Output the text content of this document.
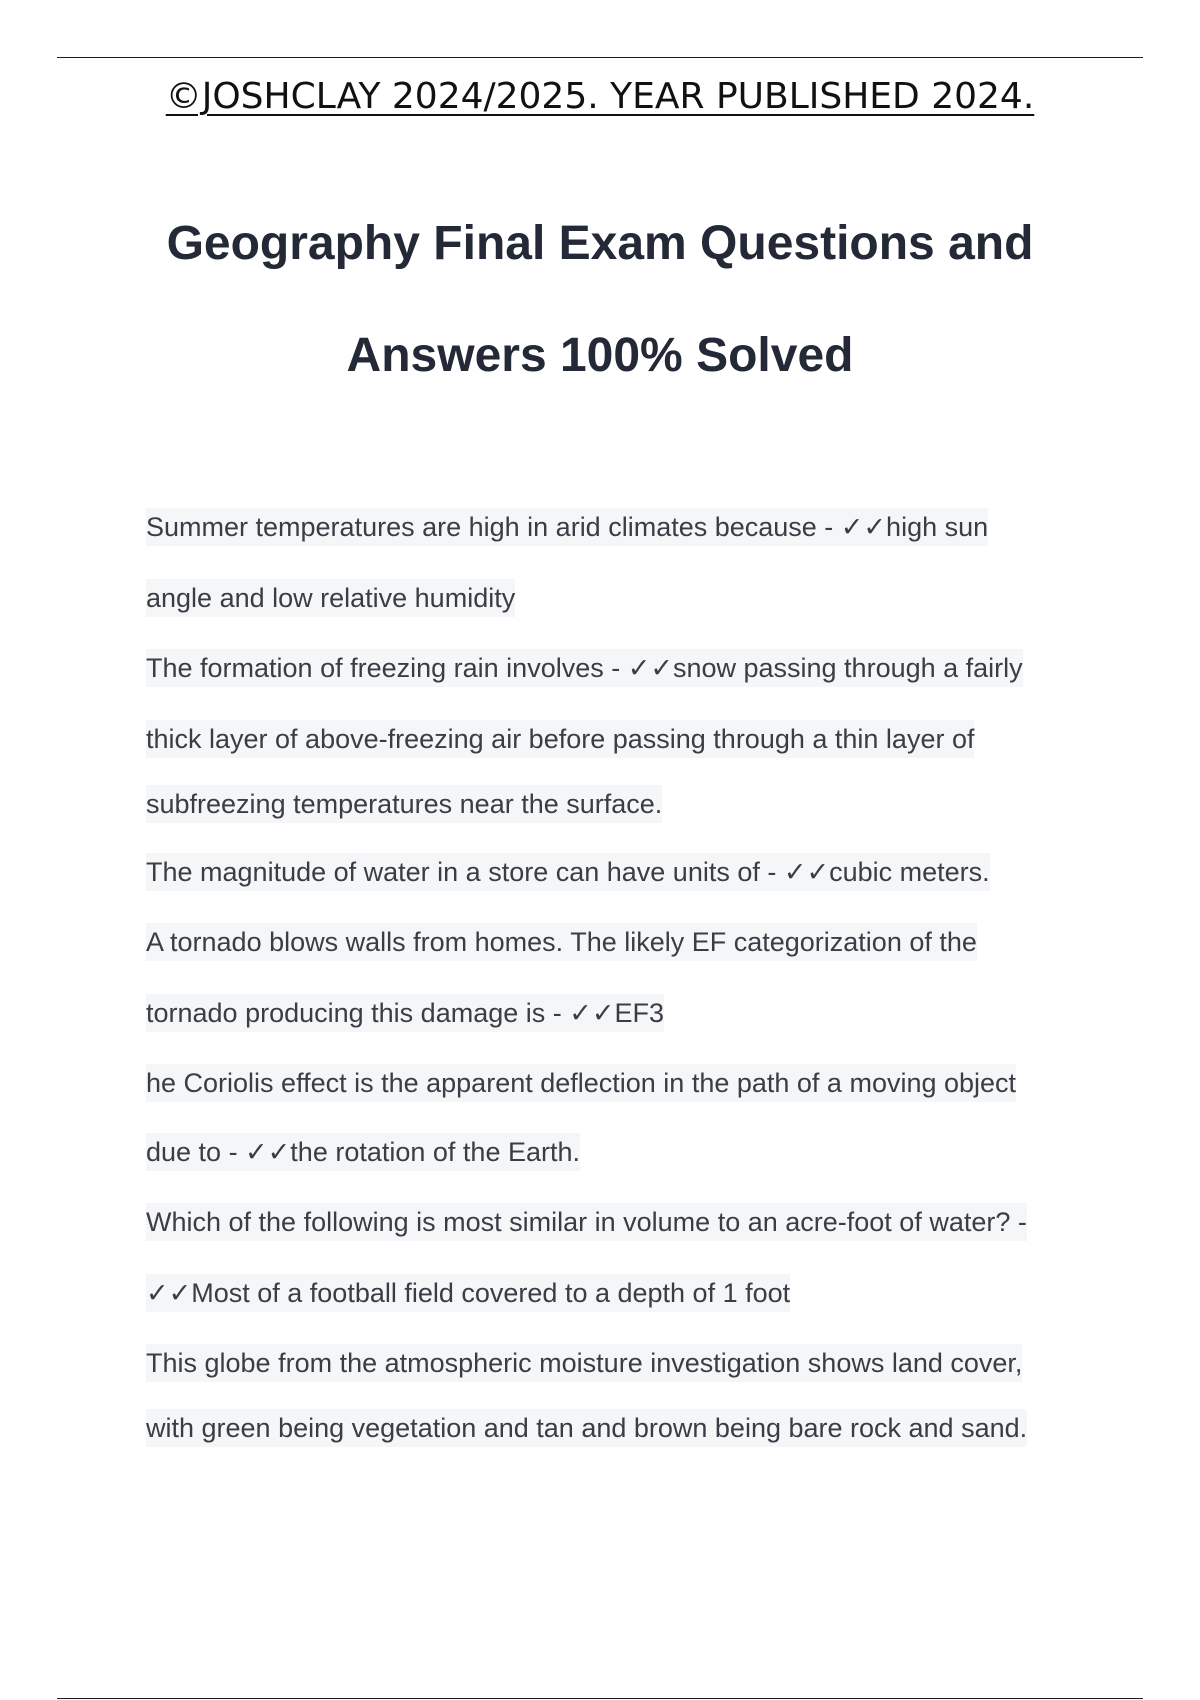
©JOSHCLAY 2024/2025. YEAR PUBLISHED 2024.
Geography Final Exam Questions and
Answers 100% Solved
Summer temperatures are high in arid climates because - ✓✓high sun
angle and low relative humidity
The formation of freezing rain involves - ✓✓snow passing through a fairly
thick layer of above-freezing air before passing through a thin layer of
subfreezing temperatures near the surface.
The magnitude of water in a store can have units of - ✓✓cubic meters.
A tornado blows walls from homes. The likely EF categorization of the
tornado producing this damage is - ✓✓EF3
he Coriolis effect is the apparent deflection in the path of a moving object
due to - ✓✓the rotation of the Earth.
Which of the following is most similar in volume to an acre-foot of water? -
✓✓Most of a football field covered to a depth of 1 foot
This globe from the atmospheric moisture investigation shows land cover,
with green being vegetation and tan and brown being bare rock and sand.
